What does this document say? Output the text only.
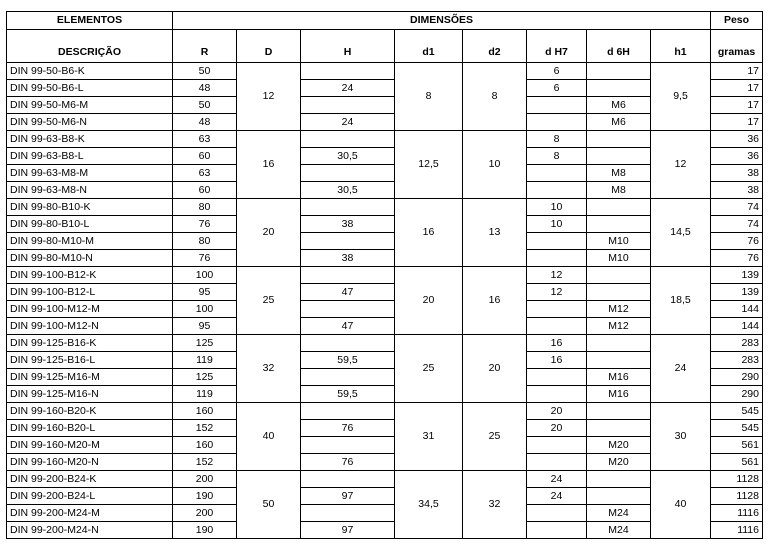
ELEMENTOS	DIMENSÕES								Peso
DESCRIÇÃO	R	D	H	d1	d2	d H7	d 6H	h1	gramas
DIN 99-50-B6-K	50	12		8	8	6		9,5	17
DIN 99-50-B6-L	48		24			6			17
DIN 99-50-M6-M	50						M6		17
DIN 99-50-M6-N	48		24				M6		17
DIN 99-63-B8-K	63	16		12,5	10	8		12	36
DIN 99-63-B8-L	60		30,5			8			36
DIN 99-63-M8-M	63						M8		38
DIN 99-63-M8-N	60		30,5				M8		38
DIN 99-80-B10-K	80	20		16	13	10		14,5	74
DIN 99-80-B10-L	76		38			10			74
DIN 99-80-M10-M	80						M10		76
DIN 99-80-M10-N	76		38				M10		76
DIN 99-100-B12-K	100	25		20	16	12		18,5	139
DIN 99-100-B12-L	95		47			12			139
DIN 99-100-M12-M	100						M12		144
DIN 99-100-M12-N	95		47				M12		144
DIN 99-125-B16-K	125	32		25	20	16		24	283
DIN 99-125-B16-L	119		59,5			16			283
DIN 99-125-M16-M	125						M16		290
DIN 99-125-M16-N	119		59,5				M16		290
DIN 99-160-B20-K	160	40		31	25	20		30	545
DIN 99-160-B20-L	152		76			20			545
DIN 99-160-M20-M	160						M20		561
DIN 99-160-M20-N	152		76				M20		561
DIN 99-200-B24-K	200	50		34,5	32	24		40	1128
DIN 99-200-B24-L	190		97			24			1128
DIN 99-200-M24-M	200						M24		1116
DIN 99-200-M24-N	190		97				M24		1116
